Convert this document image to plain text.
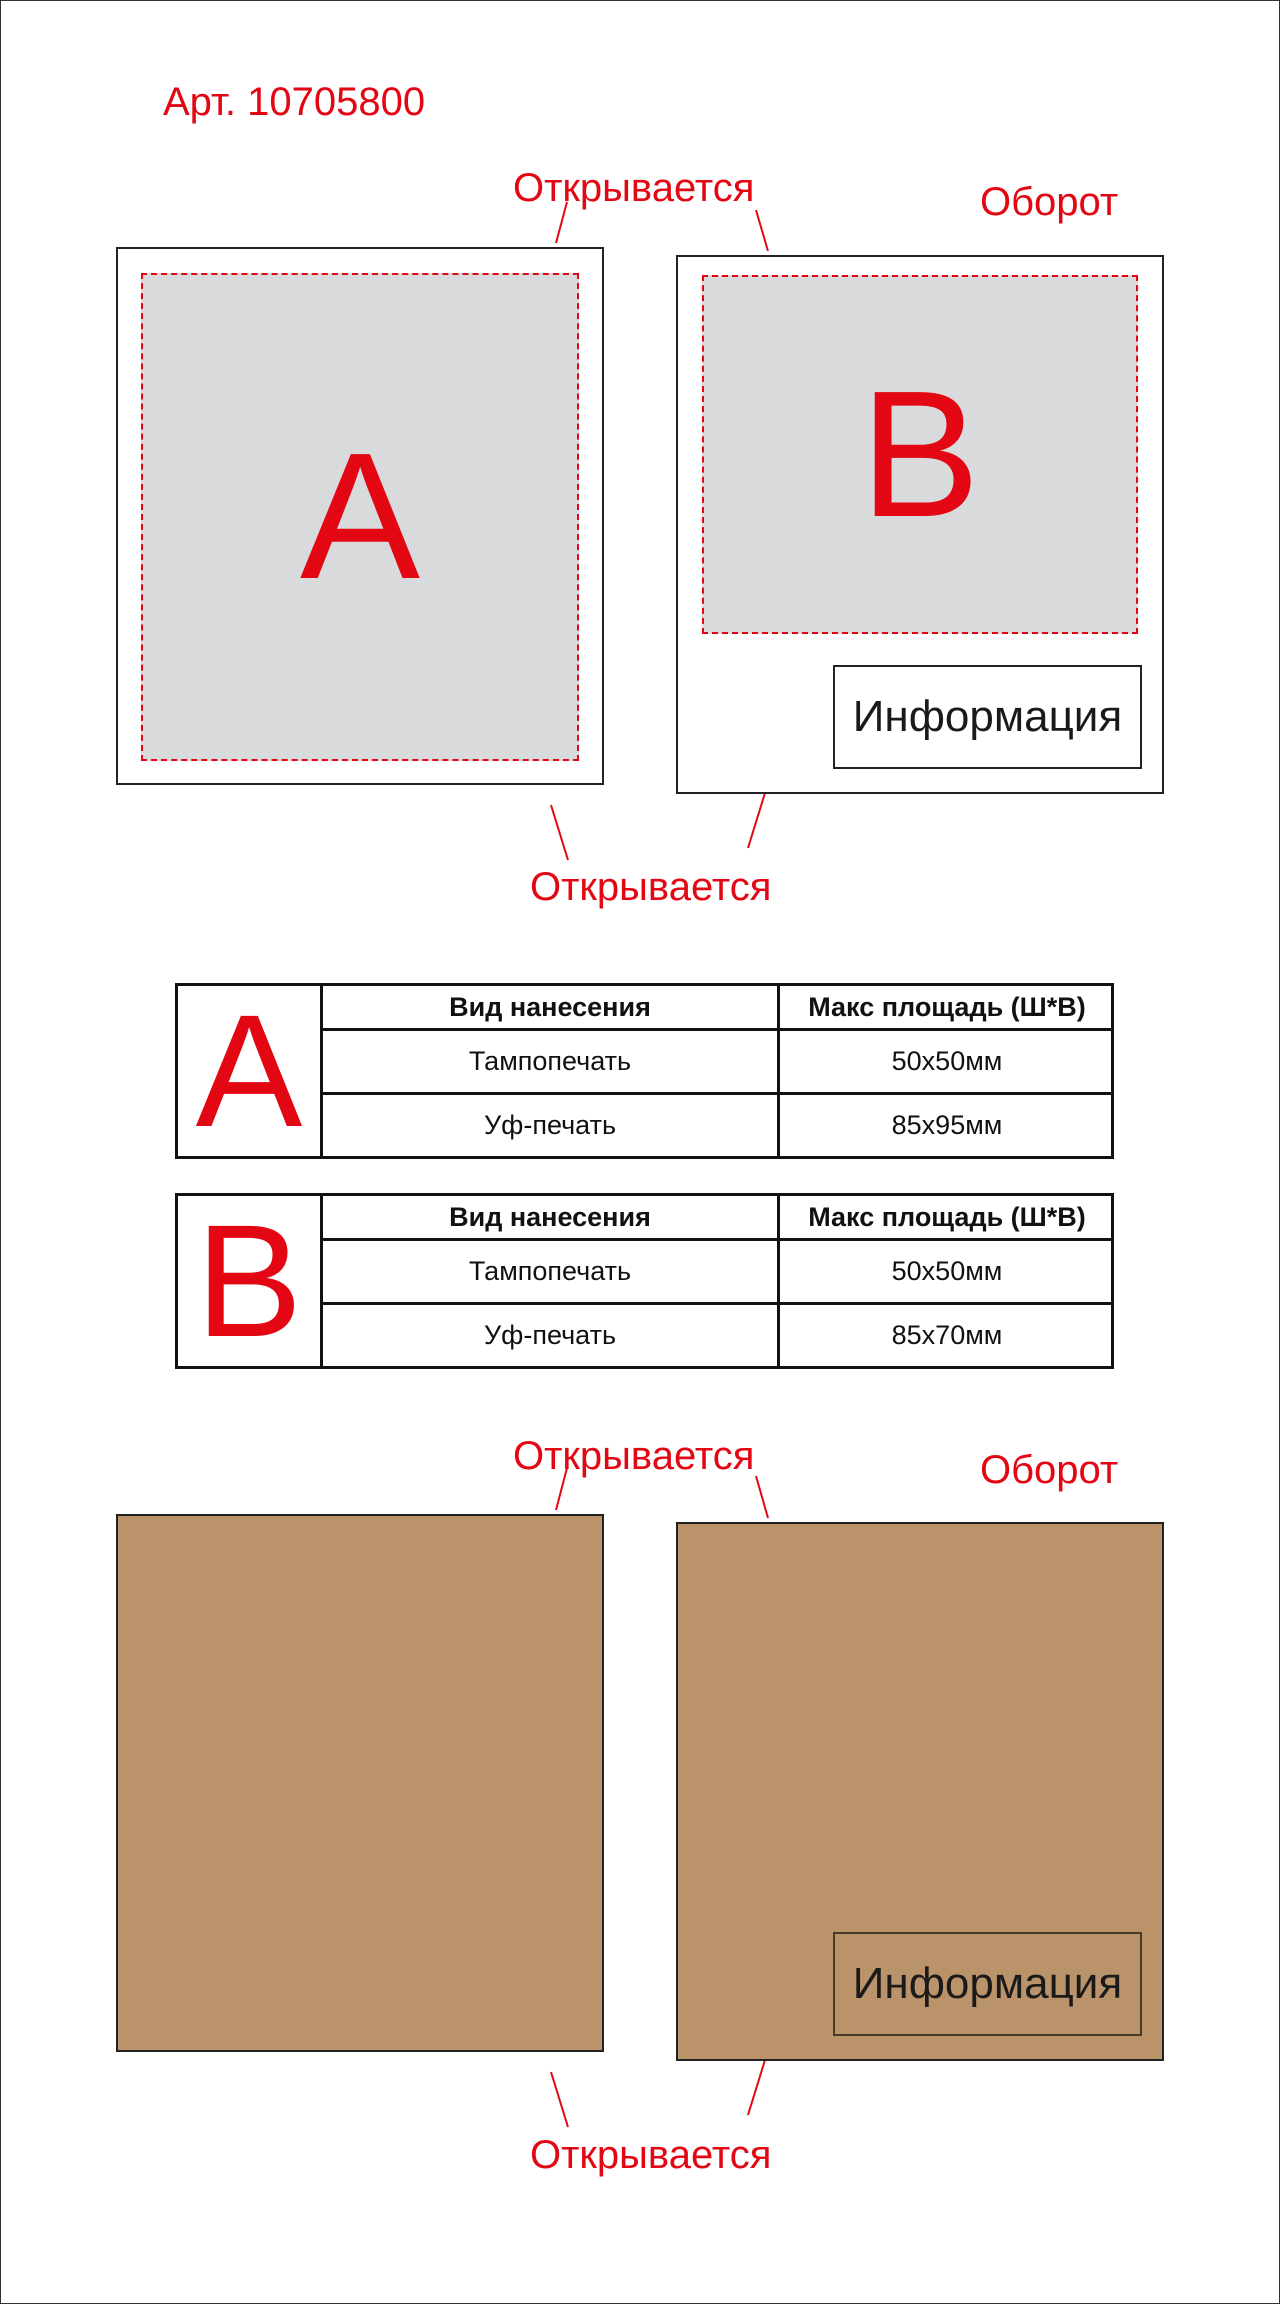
Арт. 10705800
Открывается	Оборот
Открывается
A B
Информация
A	Вид нанесения	Макс площадь (Ш*В)
Тампопечать	50x50мм
Уф-печать	85x95мм
B	Вид нанесения	Макс площадь (Ш*В)
Тампопечать	50x50мм
Уф-печать	85x70мм
Открывается	Оборот
Открывается
Информация
